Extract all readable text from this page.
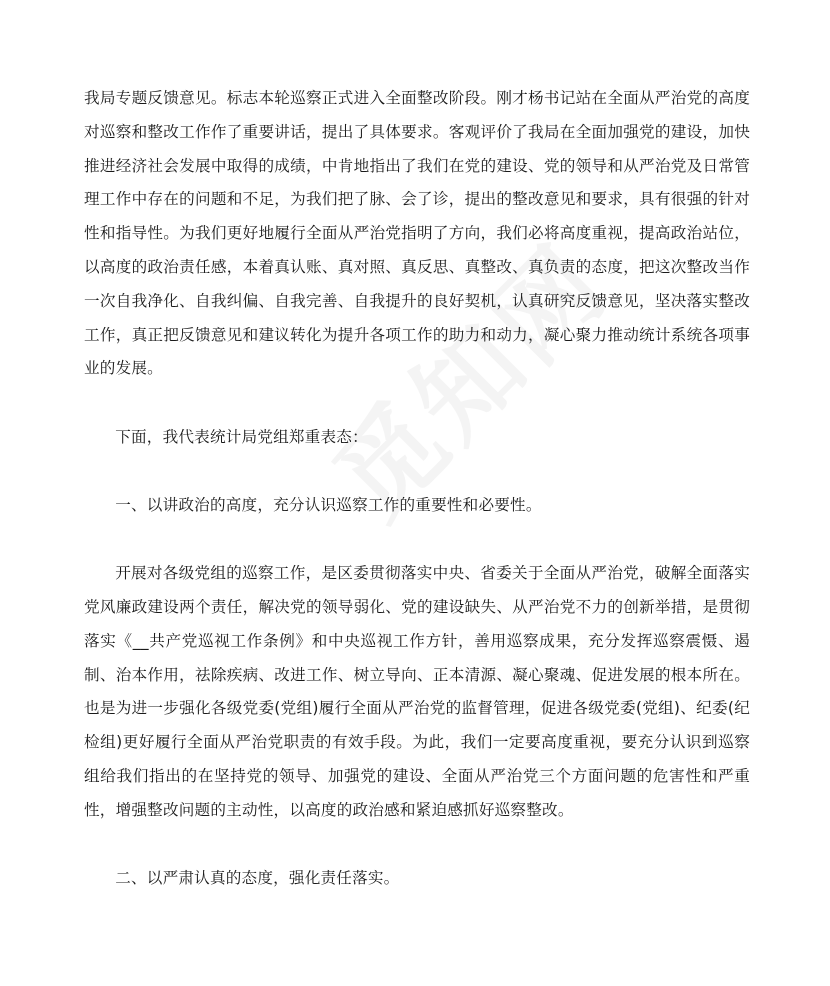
我局专题反馈意见。标志本轮巡察正式进入全面整改阶段。刚才杨书记站在全面从严治党的高度对巡察和整改工作作了重要讲话，提出了具体要求。客观评价了我局在全面加强党的建设，加快推进经济社会发展中取得的成绩，中肯地指出了我们在党的建设、党的领导和从严治党及日常管理工作中存在的问题和不足，为我们把了脉、会了诊，提出的整改意见和要求，具有很强的针对性和指导性。为我们更好地履行全面从严治党指明了方向，我们必将高度重视，提高政治站位，以高度的政治责任感，本着真认账、真对照、真反思、真整改、真负责的态度，把这次整改当作一次自我净化、自我纠偏、自我完善、自我提升的良好契机，认真研究反馈意见，坚决落实整改工作，真正把反馈意见和建议转化为提升各项工作的助力和动力，凝心聚力推动统计系统各项事业的发展。

下面，我代表统计局党组郑重表态：

一、以讲政治的高度，充分认识巡察工作的重要性和必要性。

开展对各级党组的巡察工作，是区委贯彻落实中央、省委关于全面从严治党，破解全面落实党风廉政建设两个责任，解决党的领导弱化、党的建设缺失、从严治党不力的创新举措，是贯彻落实《__共产党巡视工作条例》和中央巡视工作方针，善用巡察成果，充分发挥巡察震慑、遏制、治本作用，祛除疾病、改进工作、树立导向、正本清源、凝心聚魂、促进发展的根本所在。也是为进一步强化各级党委(党组)履行全面从严治党的监督管理，促进各级党委(党组)、纪委(纪检组)更好履行全面从严治党职责的有效手段。为此，我们一定要高度重视，要充分认识到巡察组给我们指出的在坚持党的领导、加强党的建设、全面从严治党三个方面问题的危害性和严重性，增强整改问题的主动性，以高度的政治感和紧迫感抓好巡察整改。

二、以严肃认真的态度，强化责任落实。
